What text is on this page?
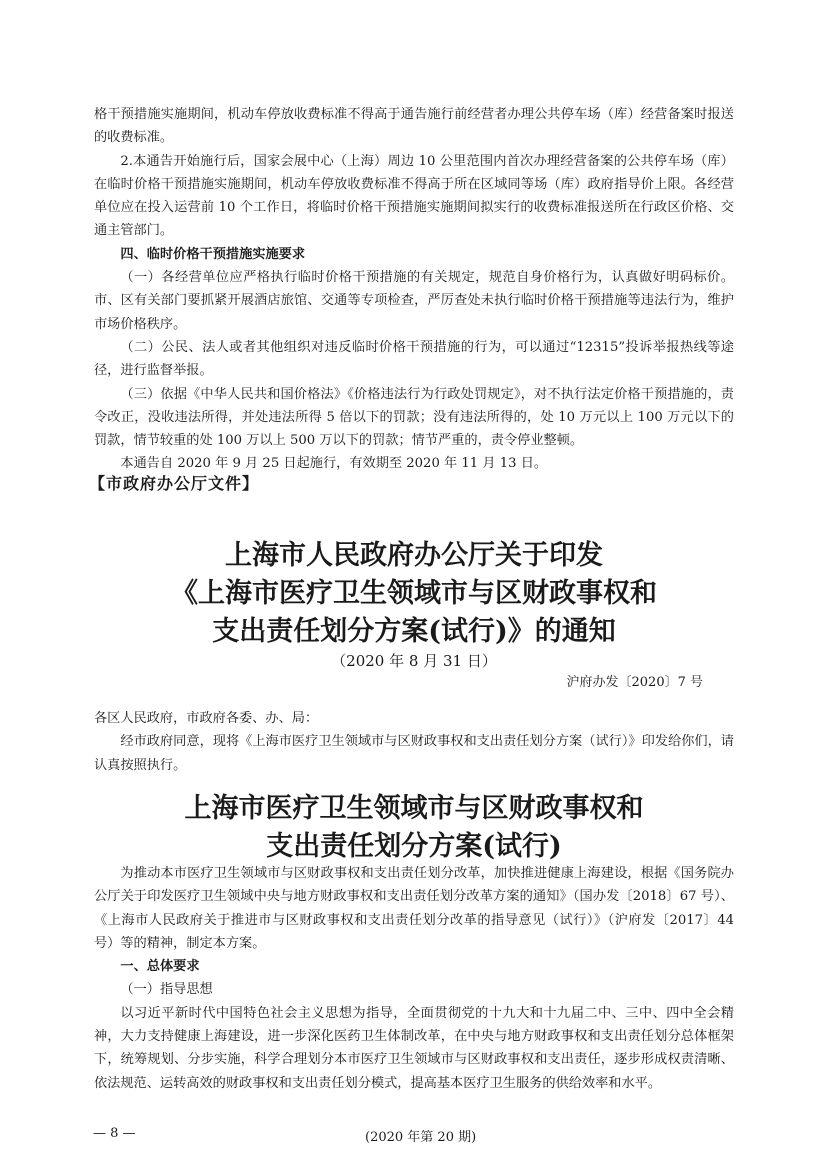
格干预措施实施期间，机动车停放收费标准不得高于通告施行前经营者办理公共停车场（库）经营备案时报送的收费标准。

2.本通告开始施行后，国家会展中心（上海）周边 10 公里范围内首次办理经营备案的公共停车场（库）在临时价格干预措施实施期间，机动车停放收费标准不得高于所在区域同等场（库）政府指导价上限。各经营单位应在投入运营前 10 个工作日，将临时价格干预措施实施期间拟实行的收费标准报送所在行政区价格、交通主管部门。

四、临时价格干预措施实施要求

（一）各经营单位应严格执行临时价格干预措施的有关规定，规范自身价格行为，认真做好明码标价。市、区有关部门要抓紧开展酒店旅馆、交通等专项检查，严厉查处未执行临时价格干预措施等违法行为，维护市场价格秩序。

（二）公民、法人或者其他组织对违反临时价格干预措施的行为，可以通过“12315”投诉举报热线等途径，进行监督举报。

（三）依据《中华人民共和国价格法》《价格违法行为行政处罚规定》，对不执行法定价格干预措施的，责令改正，没收违法所得，并处违法所得 5 倍以下的罚款；没有违法所得的，处 10 万元以上 100 万元以下的罚款，情节较重的处 100 万以上 500 万以下的罚款；情节严重的，责令停业整顿。

本通告自 2020 年 9 月 25 日起施行，有效期至 2020 年 11 月 13 日。

【市政府办公厅文件】
上海市人民政府办公厅关于印发
《上海市医疗卫生领域市与区财政事权和
支出责任划分方案(试行)》的通知
（2020 年 8 月 31 日）
沪府办发〔2020〕7 号

各区人民政府，市政府各委、办、局：

经市政府同意，现将《上海市医疗卫生领域市与区财政事权和支出责任划分方案（试行）》印发给你们，请认真按照执行。

上海市医疗卫生领域市与区财政事权和
支出责任划分方案(试行)

为推动本市医疗卫生领域市与区财政事权和支出责任划分改革，加快推进健康上海建设，根据《国务院办公厅关于印发医疗卫生领域中央与地方财政事权和支出责任划分改革方案的通知》（国办发〔2018〕67 号）、《上海市人民政府关于推进市与区财政事权和支出责任划分改革的指导意见（试行）》（沪府发〔2017〕44 号）等的精神，制定本方案。

一、总体要求

（一）指导思想

以习近平新时代中国特色社会主义思想为指导，全面贯彻党的十九大和十九届二中、三中、四中全会精神，大力支持健康上海建设，进一步深化医药卫生体制改革，在中央与地方财政事权和支出责任划分总体框架下，统筹规划、分步实施，科学合理划分本市医疗卫生领域市与区财政事权和支出责任，逐步形成权责清晰、依法规范、运转高效的财政事权和支出责任划分模式，提高基本医疗卫生服务的供给效率和水平。

— 8 —	(2020 年第 20 期)
